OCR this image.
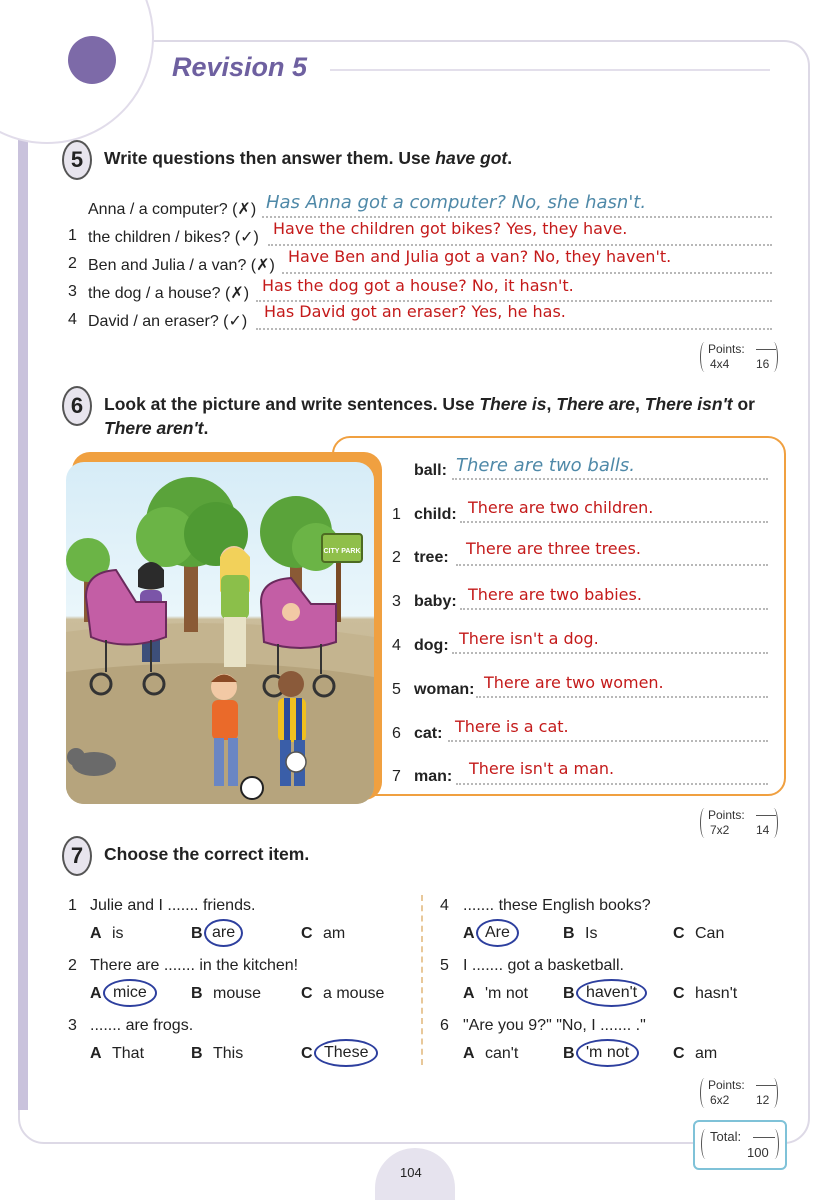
Revision 5
5	Write questions then answer them. Use have got.
Anna / a computer? (✗) Has Anna got a computer? No, she hasn't.
1 the children / bikes? (✓) Have the children got bikes? Yes, they have.
2 Ben and Julia / a van? (✗) Have Ben and Julia got a van? No, they haven't.
3 the dog / a house? (✗) Has the dog got a house? No, it hasn't.
4 David / an eraser? (✓)
Has David got an eraser? Yes, he has.
Points:
4x4 16
6	Look at the picture and write sentences. Use There is, There are, There isn't or There aren't.
CITY PARK
ball: There are two balls.
1 child: There are two children.
2 tree: There are three trees.
3 baby: There are two babies.
4 dog: There isn't a dog.
5 woman: There are two women.
6 cat: There is a cat.
7 man: There isn't a man.
Points:
7x2 14
7	Choose the correct item.
1 Julie and I ....... friends.
A is	B are	C am
2 There are ....... in the kitchen!
A mice	B mouse C a mouse
3 ....... are frogs.
A That	B This	C These
4 ....... these English books?
A Are	B Is	C Can
5 I ....... got a basketball.
A 'm not B haven't	C hasn't
6 "Are you 9?" "No, I ....... ."
A can't	B 'm not	C am
Points:
6x2 12
Total:
100
104
